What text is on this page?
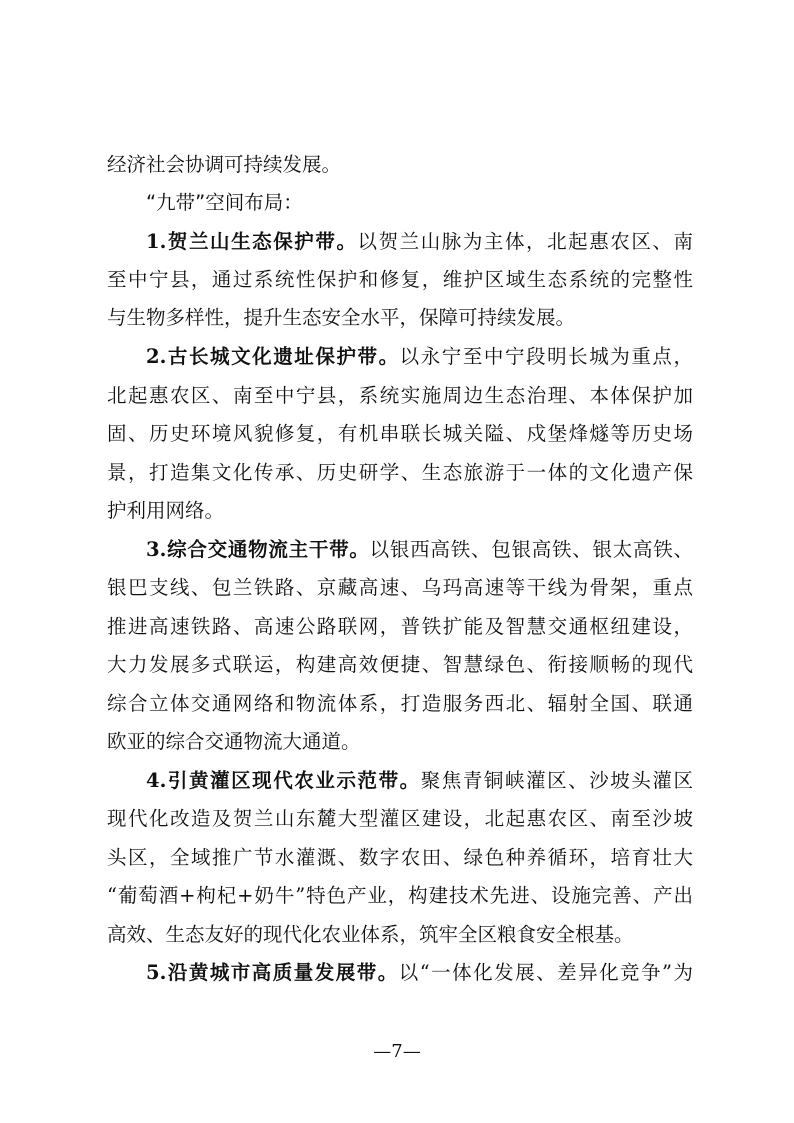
经济社会协调可持续发展。
“九带”空间布局：
1.贺兰山生态保护带。以贺兰山脉为主体，北起惠农区、南
至中宁县，通过系统性保护和修复，维护区域生态系统的完整性
与生物多样性，提升生态安全水平，保障可持续发展。
2.古长城文化遗址保护带。以永宁至中宁段明长城为重点，
北起惠农区、南至中宁县，系统实施周边生态治理、本体保护加
固、历史环境风貌修复，有机串联长城关隘、戍堡烽燧等历史场
景，打造集文化传承、历史研学、生态旅游于一体的文化遗产保
护利用网络。
3.综合交通物流主干带。以银西高铁、包银高铁、银太高铁、
银巴支线、包兰铁路、京藏高速、乌玛高速等干线为骨架，重点
推进高速铁路、高速公路联网，普铁扩能及智慧交通枢纽建设，
大力发展多式联运，构建高效便捷、智慧绿色、衔接顺畅的现代
综合立体交通网络和物流体系，打造服务西北、辐射全国、联通
欧亚的综合交通物流大通道。
4.引黄灌区现代农业示范带。聚焦青铜峡灌区、沙坡头灌区
现代化改造及贺兰山东麓大型灌区建设，北起惠农区、南至沙坡
头区，全域推广节水灌溉、数字农田、绿色种养循环，培育壮大
“葡萄酒+枸杞+奶牛”特色产业，构建技术先进、设施完善、产出
高效、生态友好的现代化农业体系，筑牢全区粮食安全根基。
5.沿黄城市高质量发展带。以“一体化发展、差异化竞争”为
—7—
